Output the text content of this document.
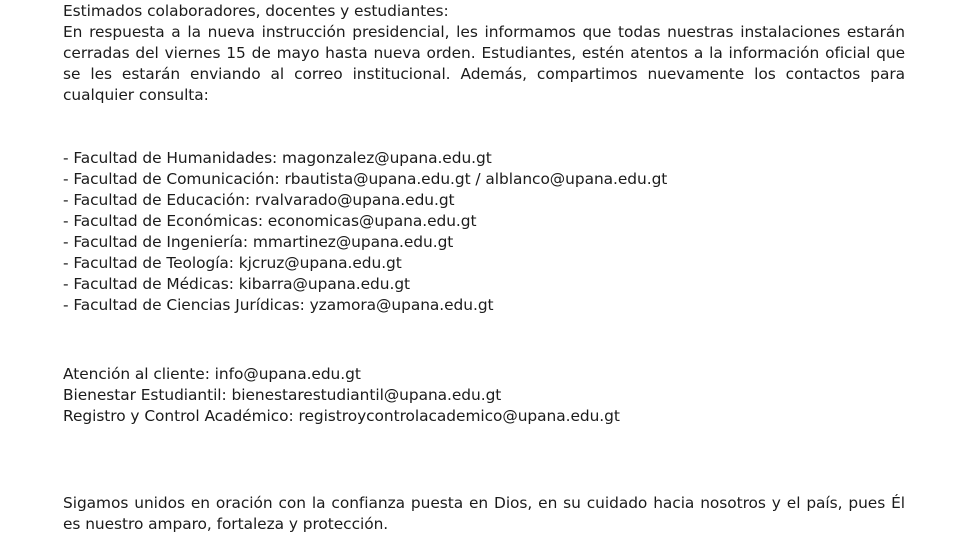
Estimados colaboradores, docentes y estudiantes:
En respuesta a la nueva instrucción presidencial, les informamos que todas nuestras instalaciones estarán cerradas del viernes 15 de mayo hasta nueva orden. Estudiantes, estén atentos a la información oficial que se les estarán enviando al correo institucional. Además, compartimos nuevamente los contactos para cualquier consulta:
- Facultad de Humanidades: magonzalez@upana.edu.gt
- Facultad de Comunicación: rbautista@upana.edu.gt / alblanco@upana.edu.gt
- Facultad de Educación: rvalvarado@upana.edu.gt
- Facultad de Económicas: economicas@upana.edu.gt
- Facultad de Ingeniería: mmartinez@upana.edu.gt
- Facultad de Teología: kjcruz@upana.edu.gt
- Facultad de Médicas: kibarra@upana.edu.gt
- Facultad de Ciencias Jurídicas: yzamora@upana.edu.gt
Atención al cliente: info@upana.edu.gt
Bienestar Estudiantil: bienestarestudiantil@upana.edu.gt
Registro y Control Académico: registroycontrolacademico@upana.edu.gt
Sigamos unidos en oración con la confianza puesta en Dios, en su cuidado hacia nosotros y el país, pues Él es nuestro amparo, fortaleza y protección.
